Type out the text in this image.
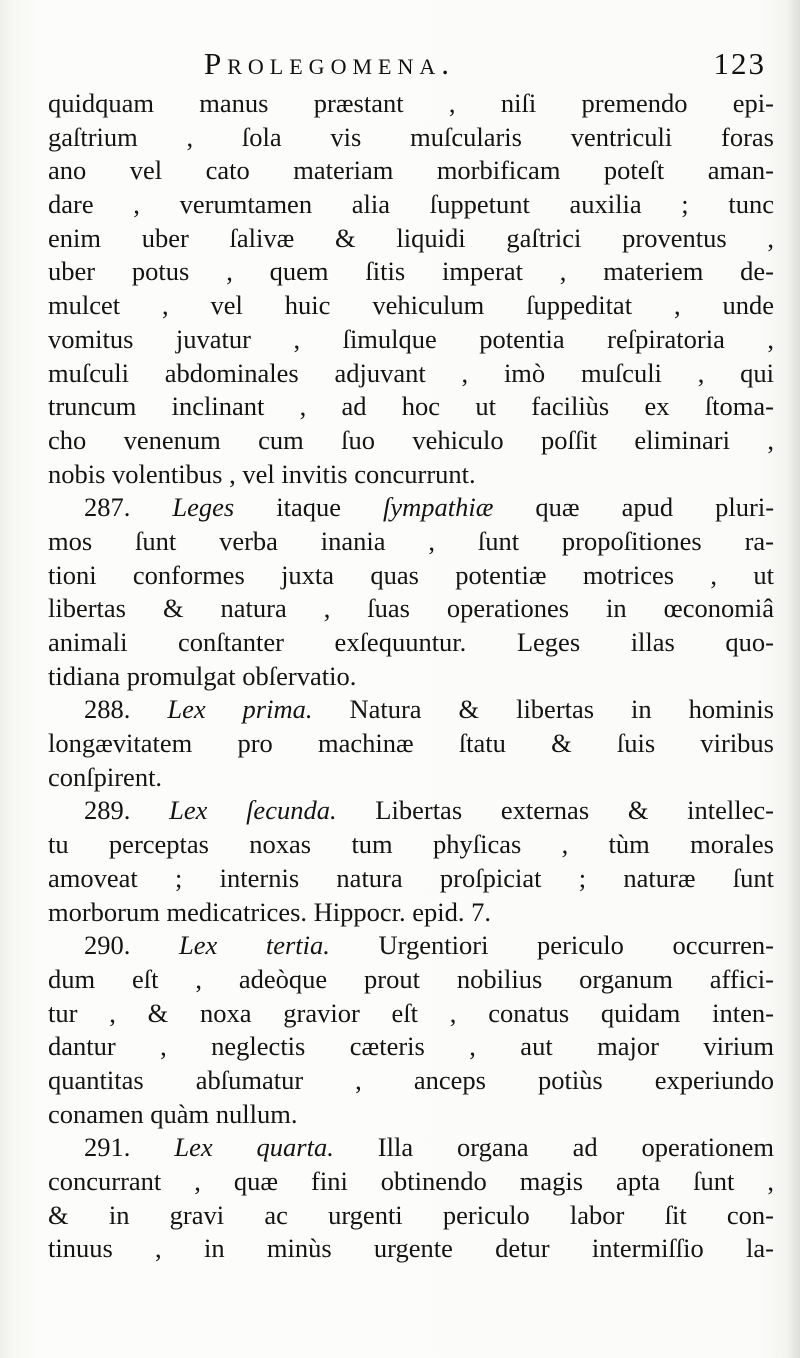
Prolegomena.	123
quidquam manus præstant , niſi premendo epi-
gaſtrium , ſola vis muſcularis ventriculi foras
ano vel cato materiam morbificam poteſt aman-
dare , verumtamen alia ſuppetunt auxilia ; tunc
enim uber ſalivæ & liquidi gaſtrici proventus ,
uber potus , quem ſitis imperat , materiem de-
mulcet , vel huic vehiculum ſuppeditat , unde
vomitus juvatur , ſimulque potentia reſpiratoria ,
muſculi abdominales adjuvant , imò muſculi , qui
truncum inclinant , ad hoc ut faciliùs ex ſtoma-
cho venenum cum ſuo vehiculo poſſit eliminari ,
nobis volentibus , vel invitis concurrunt.
287. Leges itaque ſympathiæ quæ apud pluri-
mos ſunt verba inania , ſunt propoſitiones ra-
tioni conformes juxta quas potentiæ motrices , ut
libertas & natura , ſuas operationes in œconomiâ
animali conſtanter exſequuntur. Leges illas quo-
tidiana promulgat obſervatio.
288. Lex prima. Natura & libertas in hominis
longævitatem pro machinæ ſtatu & ſuis viribus
conſpirent.
289. Lex ſecunda. Libertas externas & intellec-
tu perceptas noxas tum phyſicas , tùm morales
amoveat ; internis natura proſpiciat ; naturæ ſunt
morborum medicatrices. Hippocr. epid. 7.
290. Lex tertia. Urgentiori periculo occurren-
dum eſt , adeòque prout nobilius organum affici-
tur , & noxa gravior eſt , conatus quidam inten-
dantur , neglectis cæteris , aut major virium
quantitas abſumatur , anceps potiùs experiundo
conamen quàm nullum.
291. Lex quarta. Illa organa ad operationem
concurrant , quæ fini obtinendo magis apta ſunt ,
& in gravi ac urgenti periculo labor ſit con-
tinuus , in minùs urgente detur intermiſſio la-
